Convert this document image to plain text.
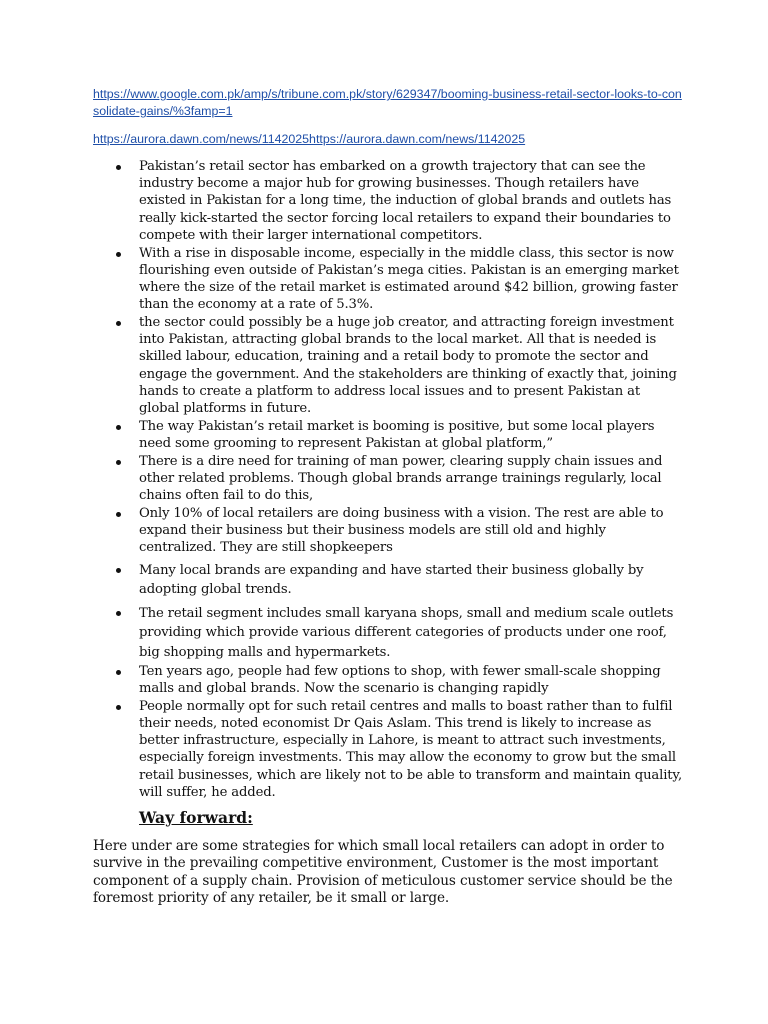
https://www.google.com.pk/amp/s/tribune.com.pk/story/629347/booming-business-retail-sector-looks-to-consolidate-gains/%3famp=1
https://aurora.dawn.com/news/1142025https://aurora.dawn.com/news/1142025
Pakistan’s retail sector has embarked on a growth trajectory that can see the industry become a major hub for growing businesses. Though retailers have existed in Pakistan for a long time, the induction of global brands and outlets has really kick-started the sector forcing local retailers to expand their boundaries to compete with their larger international competitors.
With a rise in disposable income, especially in the middle class, this sector is now flourishing even outside of Pakistan’s mega cities. Pakistan is an emerging market where the size of the retail market is estimated around $42 billion, growing faster than the economy at a rate of 5.3%.
the sector could possibly be a huge job creator, and attracting foreign investment into Pakistan, attracting global brands to the local market. All that is needed is skilled labour, education, training and a retail body to promote the sector and engage the government. And the stakeholders are thinking of exactly that, joining hands to create a platform to address local issues and to present Pakistan at global platforms in future.
The way Pakistan’s retail market is booming is positive, but some local players need some grooming to represent Pakistan at global platform,”
There is a dire need for training of man power, clearing supply chain issues and other related problems. Though global brands arrange trainings regularly, local chains often fail to do this,
Only 10% of local retailers are doing business with a vision. The rest are able to expand their business but their business models are still old and highly centralized. They are still shopkeepers
Many local brands are expanding and have started their business globally by adopting global trends.
The retail segment includes small karyana shops, small and medium scale outlets providing which provide various different categories of products under one roof, big shopping malls and hypermarkets.
Ten years ago, people had few options to shop, with fewer small-scale shopping malls and global brands. Now the scenario is changing rapidly
People normally opt for such retail centres and malls to boast rather than to fulfil their needs, noted economist Dr Qais Aslam. This trend is likely to increase as better infrastructure, especially in Lahore, is meant to attract such investments, especially foreign investments. This may allow the economy to grow but the small retail businesses, which are likely not to be able to transform and maintain quality, will suffer, he added.
Way forward:

Here under are some strategies for which small local retailers can adopt in order to survive in the prevailing competitive environment, Customer is the most important component of a supply chain. Provision of meticulous customer service should be the foremost priority of any retailer, be it small or large.
